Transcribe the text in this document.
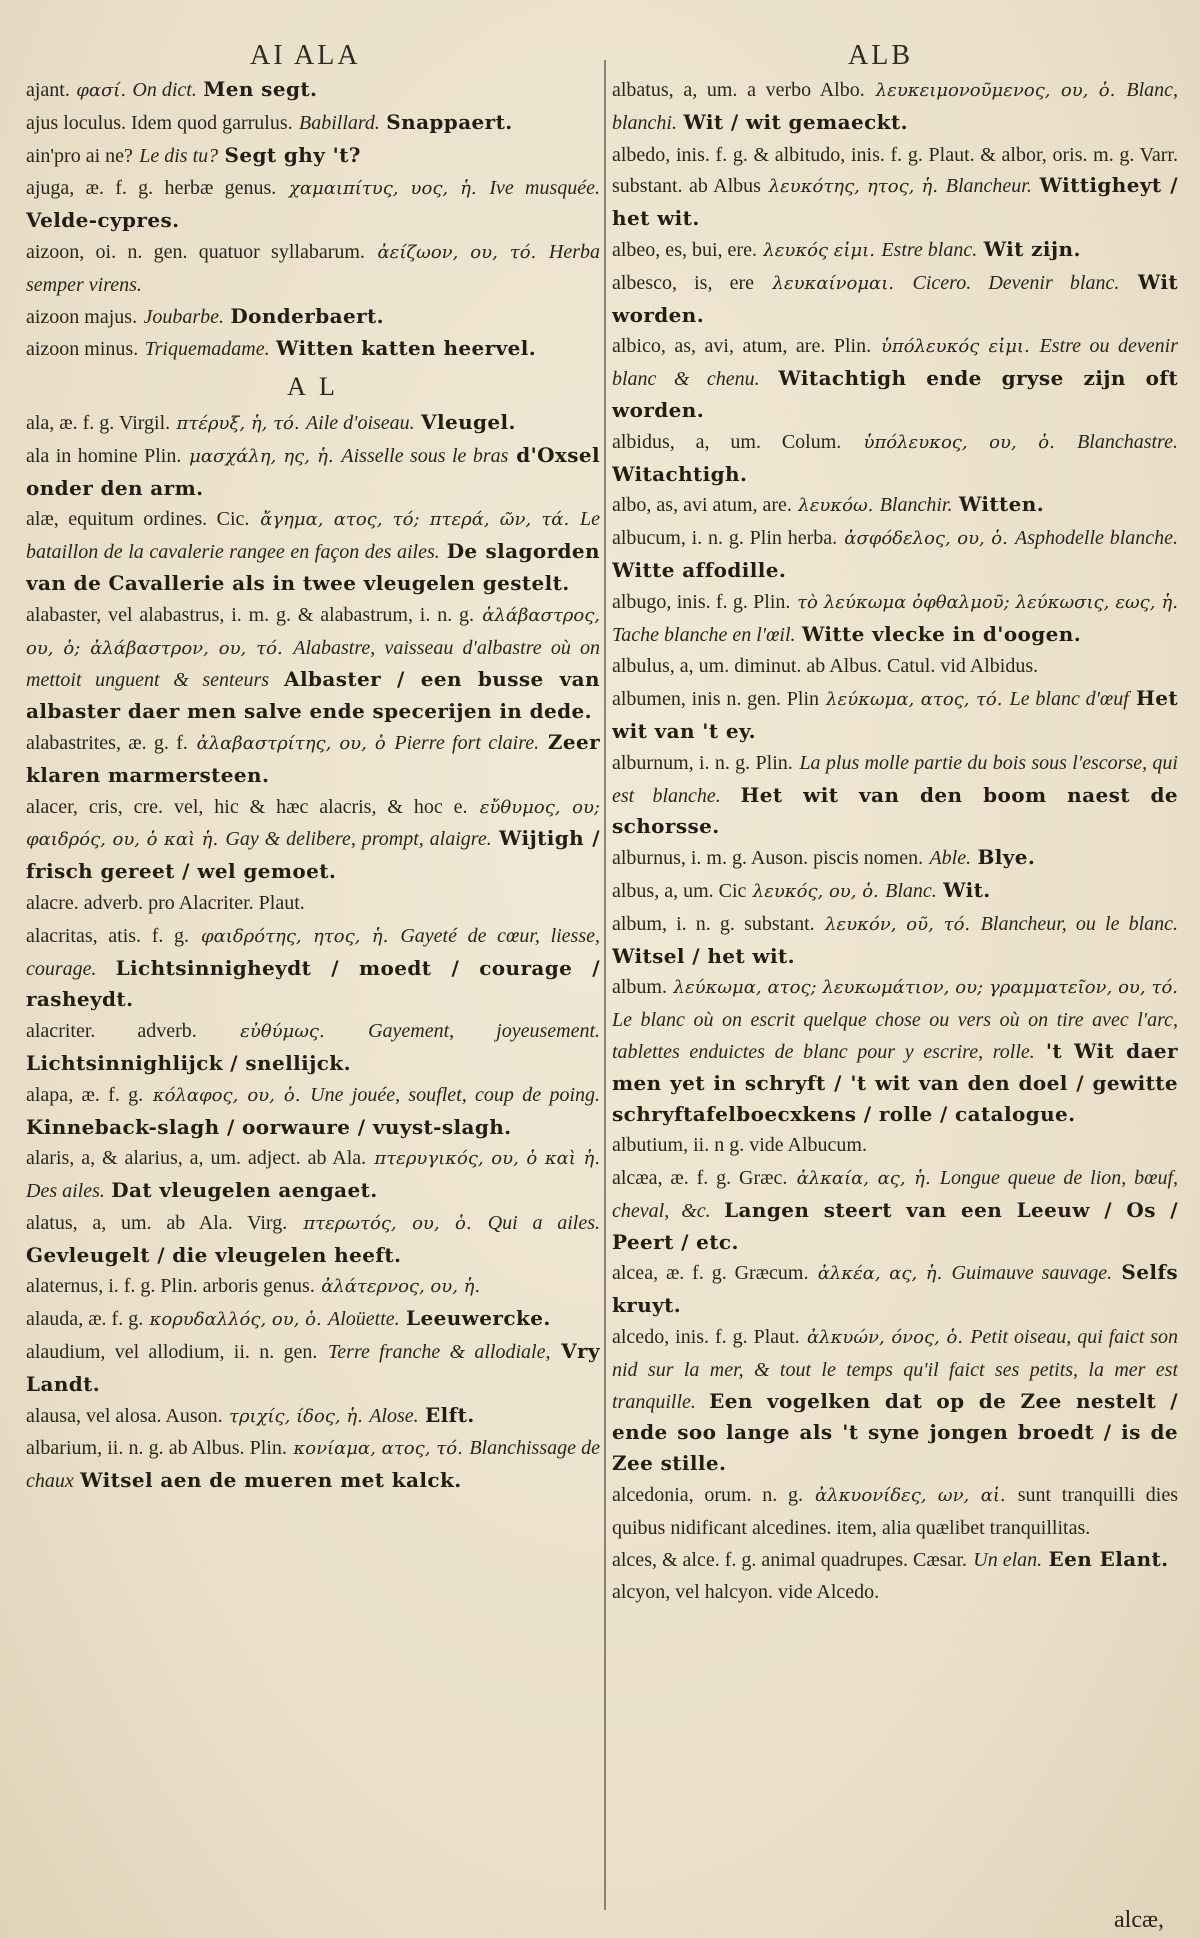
AI ALA	ALB
ajant. φασί. On dict. Men segt.
ajus loculus. Idem quod garrulus. Babillard. Snappaert.
ain'pro ai ne? Le dis tu? Segt ghy 't?
ajuga, æ. f. g. herbæ genus. χαμαιπίτυς, υος, ἡ. Ive musquée. Velde-cypres.
aizoon, oi. n. gen. quatuor syllabarum. ἀείζωον, ου, τό. Herba semper virens.
aizoon majus. Joubarbe. Donderbaert.
aizoon minus. Triquemadame. Witten katten heervel.
A L
ala, æ. f. g. Virgil. πτέρυξ, ἡ, τό. Aile d'oiseau. Vleugel.
ala in homine Plin. μασχάλη, ης, ἡ. Aisselle sous le bras d'Oxsel onder den arm.
alæ, equitum ordines. Cic. ἄγημα, ατος, τό; πτερά, ῶν, τά. Le bataillon de la cavalerie rangee en façon des ailes. De slagorden van de Cavallerie als in twee vleugelen gestelt.
alabaster, vel alabastrus, i. m. g. & alabastrum, i. n. g. ἀλάβαστρος, ου, ὁ; ἀλάβαστρον, ου, τό. Alabastre, vaisseau d'albastre où on mettoit unguent & senteurs Albaster / een busse van albaster daer men salve ende specerijen in dede.
alabastrites, æ. g. f. ἀλαβαστρίτης, ου, ὁ Pierre fort claire. Zeer klaren marmersteen.
alacer, cris, cre. vel, hic & hæc alacris, & hoc e. εὔθυμος, ου; φαιδρός, ου, ὁ καὶ ἡ. Gay & delibere, prompt, alaigre. Wijtigh / frisch gereet / wel gemoet.
alacre. adverb. pro Alacriter. Plaut.
alacritas, atis. f. g. φαιδρότης, ητος, ἡ. Gayeté de cœur, liesse, courage. Lichtsinnigheydt / moedt / courage / rasheydt.
alacriter. adverb. εὐθύμως. Gayement, joyeusement. Lichtsinnighlijck / snellijck.
alapa, æ. f. g. κόλαφος, ου, ὁ. Une jouée, souflet, coup de poing. Kinneback-slagh / oorwaure / vuyst-slagh.
alaris, a, & alarius, a, um. adject. ab Ala. πτερυγικός, ου, ὁ καὶ ἡ. Des ailes. Dat vleugelen aengaet.
alatus, a, um. ab Ala. Virg. πτερωτός, ου, ὁ. Qui a ailes. Gevleugelt / die vleugelen heeft.
alaternus, i. f. g. Plin. arboris genus. ἀλάτερνος, ου, ἡ.
alauda, æ. f. g. κορυδαλλός, ου, ὁ. Aloüette. Leeuwercke.
alaudium, vel allodium, ii. n. gen. Terre franche & allodiale, Vry Landt.
alausa, vel alosa. Auson. τριχίς, ίδος, ἡ. Alose. Elft.
albarium, ii. n. g. ab Albus. Plin. κονίαμα, ατος, τό. Blanchissage de chaux Witsel aen de mueren met kalck.
albatus, a, um. a verbo Albo. λευκειμονοῦμενος, ου, ὁ. Blanc, blanchi. Wit / wit gemaeckt.
albedo, inis. f. g. & albitudo, inis. f. g. Plaut. & albor, oris. m. g. Varr. substant. ab Albus λευκότης, ητος, ἡ. Blancheur. Wittigheyt / het wit.
albeo, es, bui, ere. λευκός εἰμι. Estre blanc. Wit zijn.
albesco, is, ere λευκαίνομαι. Cicero. Devenir blanc. Wit worden.
albico, as, avi, atum, are. Plin. ὑπόλευκός εἰμι. Estre ou devenir blanc & chenu. Witachtigh ende gryse zijn oft worden.
albidus, a, um. Colum. ὑπόλευκος, ου, ὁ. Blanchastre. Witachtigh.
albo, as, avi atum, are. λευκόω. Blanchir. Witten.
albucum, i. n. g. Plin herba. ἀσφόδελος, ου, ὁ. Asphodelle blanche. Witte affodille.
albugo, inis. f. g. Plin. τὸ λεύκωμα ὀφθαλμοῦ; λεύκωσις, εως, ἡ. Tache blanche en l'œil. Witte vlecke in d'oogen.
albulus, a, um. diminut. ab Albus. Catul. vid Albidus.
albumen, inis n. gen. Plin λεύκωμα, ατος, τό. Le blanc d'œuf Het wit van 't ey.
alburnum, i. n. g. Plin. La plus molle partie du bois sous l'escorse, qui est blanche. Het wit van den boom naest de schorsse.
alburnus, i. m. g. Auson. piscis nomen. Able. Blye.
albus, a, um. Cic λευκός, ου, ὁ. Blanc. Wit.
album, i. n. g. substant. λευκόν, οῦ, τό. Blancheur, ou le blanc. Witsel / het wit.
album. λεύκωμα, ατος; λευκωμάτιον, ου; γραμματεῖον, ου, τό. Le blanc où on escrit quelque chose ou vers où on tire avec l'arc, tablettes enduictes de blanc pour y escrire, rolle. 't Wit daer men yet in schryft / 't wit van den doel / gewitte schryftafelboecxkens / rolle / catalogue.
albutium, ii. n g. vide Albucum.
alcæa, æ. f. g. Græc. ἀλκαία, ας, ἡ. Longue queue de lion, bœuf, cheval, &c. Langen steert van een Leeuw / Os / Peert / etc.
alcea, æ. f. g. Græcum. ἀλκέα, ας, ἡ. Guimauve sauvage. Selfs kruyt.
alcedo, inis. f. g. Plaut. ἀλκυών, όνος, ὁ. Petit oiseau, qui faict son nid sur la mer, & tout le temps qu'il faict ses petits, la mer est tranquille. Een vogelken dat op de Zee nestelt / ende soo lange als 't syne jongen broedt / is de Zee stille.
alcedonia, orum. n. g. ἀλκυονίδες, ων, αἱ. sunt tranquilli dies quibus nidificant alcedines. item, alia quælibet tranquillitas.
alces, & alce. f. g. animal quadrupes. Cæsar. Un elan. Een Elant.
alcyon, vel halcyon. vide Alcedo.
alcæ,
